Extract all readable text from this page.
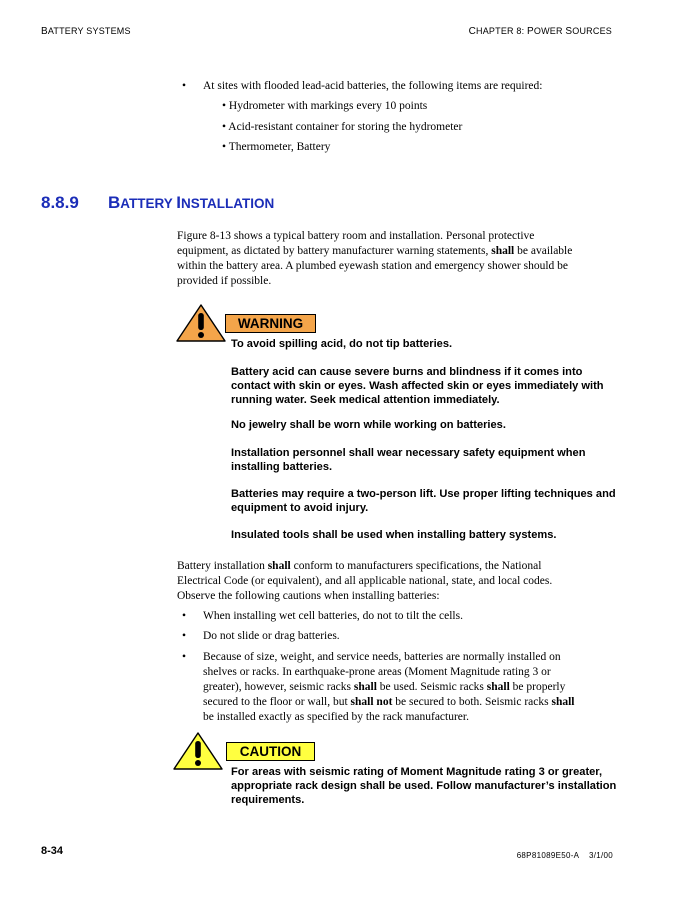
BATTERY SYSTEMS	CHAPTER 8: POWER SOURCES
• At sites with flooded lead-acid batteries, the following items are required:
• Hydrometer with markings every 10 points
• Acid-resistant container for storing the hydrometer
• Thermometer, Battery
8.8.9 BATTERY INSTALLATION
Figure 8-13 shows a typical battery room and installation. Personal protective
equipment, as dictated by battery manufacturer warning statements, shall be available
within the battery area. A plumbed eyewash station and emergency shower should be
provided if possible.
WARNING
To avoid spilling acid, do not tip batteries.
Battery acid can cause severe burns and blindness if it comes into contact with skin or eyes. Wash affected skin or eyes immediately with running water. Seek medical attention immediately.
No jewelry shall be worn while working on batteries.
Installation personnel shall wear necessary safety equipment when installing batteries.
Batteries may require a two-person lift. Use proper lifting techniques and equipment to avoid injury.
Insulated tools shall be used when installing battery systems.
Battery installation shall conform to manufacturers specifications, the National
Electrical Code (or equivalent), and all applicable national, state, and local codes.
Observe the following cautions when installing batteries:
• When installing wet cell batteries, do not to tilt the cells.
• Do not slide or drag batteries.
• Because of size, weight, and service needs, batteries are normally installed on
shelves or racks. In earthquake-prone areas (Moment Magnitude rating 3 or
greater), however, seismic racks shall be used. Seismic racks shall be properly
secured to the floor or wall, but shall not be secured to both. Seismic racks shall
be installed exactly as specified by the rack manufacturer.
CAUTION
For areas with seismic rating of Moment Magnitude rating 3 or greater, appropriate rack design shall be used. Follow manufacturer’s installation requirements.
8-34	68P81089E50-A    3/1/00
